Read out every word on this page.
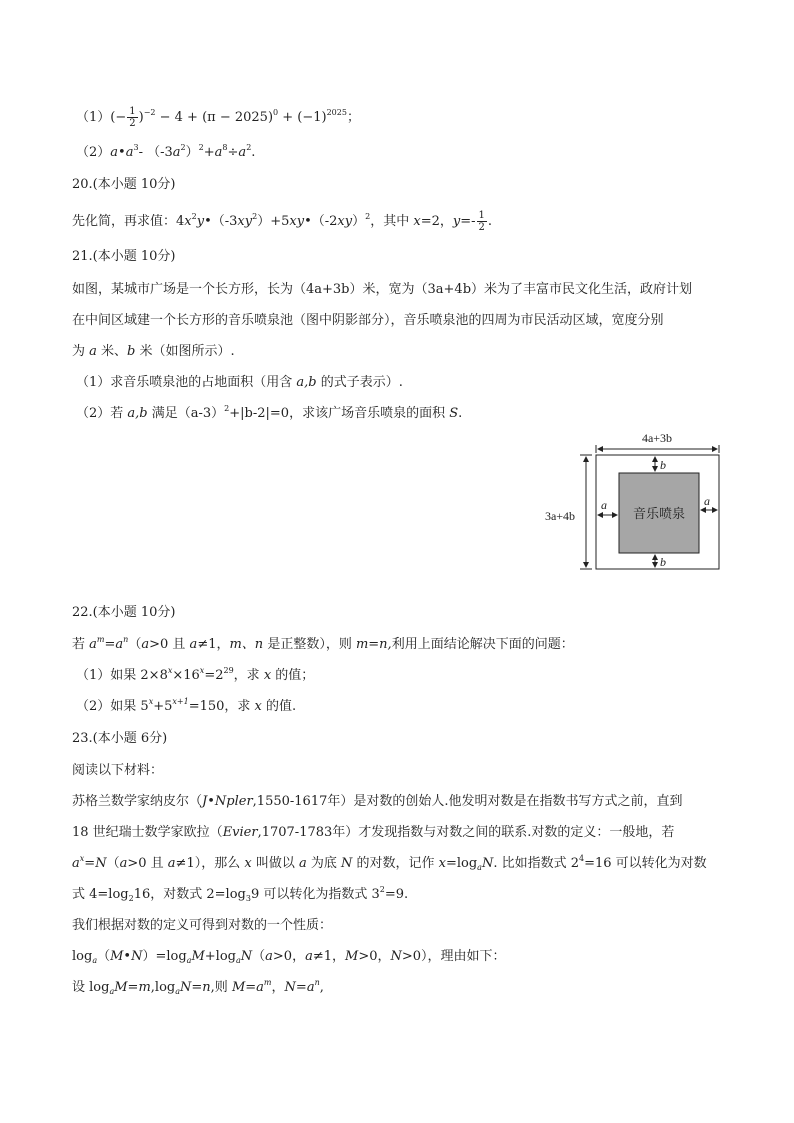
$(1)(- \frac{1}{2} )^{-2} - 4 + (\pi - 2025)^0 + (-1)^{2025}$；
$(2)a•a^3-$ $(-3a^2)^2+a^8\div a^2$.
20.(本小题 10分)
先化简，再求值：$4x^2y•(-3xy^2)+5xy•(-2xy)^2$，其中 x=2，$y=- \frac{1}{2}$ .
21.(本小题 10分)
如图，某城市广场是一个长方形，长为（4a+3b）米，宽为（3a+4b）米为了丰富市民文化生活，政府计划
在中间区域建一个长方形的音乐喷泉池（图中阴影部分），音乐喷泉池的四周为市民活动区域，宽度分别
为 a 米、b 米（如图所示）.
（1）求音乐喷泉池的占地面积（用含 a,b 的式子表示）.
（2）若 a,b 满足$(a-3)^2+|b-2|=0$，求该广场音乐喷泉的面积 S.
音乐喷泉
4a+3b
3a+4b
b
b
a	a
22.(本小题 10分)
若 $a^m=a^n(a>0$ 且 a≠1，m、n 是正整数），则 m=n,利用上面结论解决下面的问题：
（1）如果 $2\times 8^x\times 16^x=2^{29}$，求 x 的值；
（2）如果 $5^x+5^{x+1}=150$，求 x 的值.
23.(本小题 6分)
阅读以下材料：
苏格兰数学家纳皮尔（J•Npler,1550-1617年）是对数的创始人.他发明对数是在指数书写方式之前，直到
18 世纪瑞士数学家欧拉（Evier,1707-1783年）才发现指数与对数之间的联系.对数的定义：一般地，若
$a^x=N(a>0$ 且 a≠1），那么 x 叫做以 a 为底 N 的对数，记作 $x=\log_aN$. 比如指数式 $2^4=16$ 可以转化为对数
式 $4=\log_216$，对数式 $2=\log_39$ 可以转化为指数式 $3^2=9$.
我们根据对数的定义可得到对数的一个性质：
$\log_a(M•N)=\log_aM+\log_aN(a>0$，a≠1，M>0，N>0），理由如下：
设 $\log_aM=m,\log_aN=n$,则 $M=a^m$，$N=a^n$,
